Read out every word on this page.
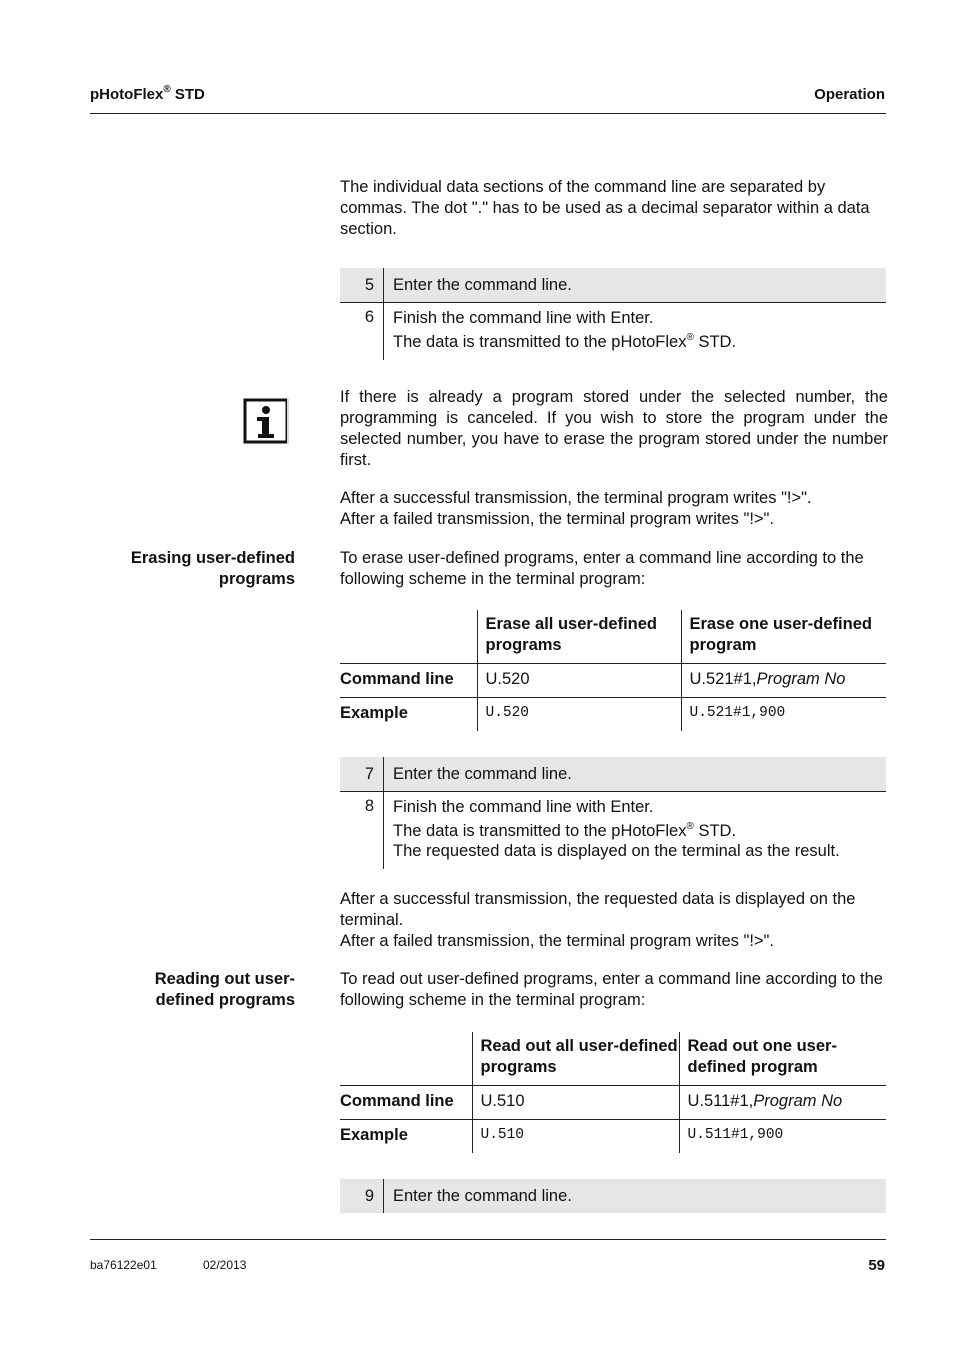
pHotoFlex® STD	Operation

The individual data sections of the command line are separated by commas. The dot "." has to be used as a decimal separator within a data section.

5	Enter the command line.
6	Finish the command line with Enter.

The data is transmitted to the pHotoFlex® STD.

If there is already a program stored under the selected number, the programming is canceled. If you wish to store the program under the selected number, you have to erase the program stored under the number first.

After a successful transmission, the terminal program writes "!>".

After a failed transmission, the terminal program writes "!>".

Erasing user-defined
programs

To erase user-defined programs, enter a command line according to the following scheme in the terminal program:

	Erase all user-defined programs	Erase one user-defined program
Command line	U.520	U.521#1,Program No
Example	U.520	U.521#1,900
7	Enter the command line.
8	Finish the command line with Enter.

The data is transmitted to the pHotoFlex® STD.

The requested data is displayed on the terminal as the result.

After a successful transmission, the requested data is displayed on the terminal.

After a failed transmission, the terminal program writes "!>".

Reading out user-
defined programs

To read out user-defined programs, enter a command line according to the following scheme in the terminal program:

	Read out all user-defined programs	Read out one user-defined program
Command line	U.510	U.511#1,Program No
Example	U.510	U.511#1,900
9	Enter the command line.
ba76122e01	02/2013	59
